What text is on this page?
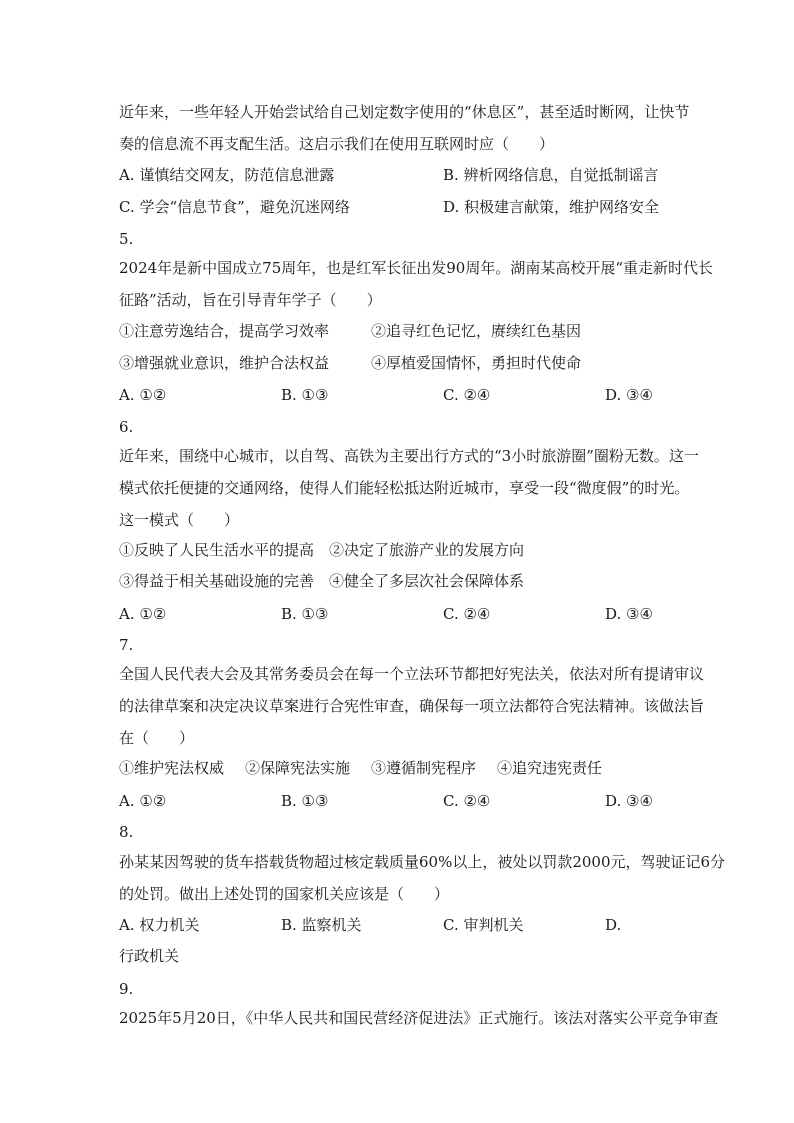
近年来，一些年轻人开始尝试给自己划定数字使用的“休息区”，甚至适时断网，让快节
奏的信息流不再支配生活。这启示我们在使用互联网时应（　　）
A. 谨慎结交网友，防范信息泄露	B. 辨析网络信息，自觉抵制谣言
C. 学会“信息节食”，避免沉迷网络	D. 积极建言献策，维护网络安全
5.
2024年是新中国成立75周年，也是红军长征出发90周年。湖南某高校开展“重走新时代长
征路”活动，旨在引导青年学子（　　）
①注意劳逸结合，提高学习效率	②追寻红色记忆，赓续红色基因
③增强就业意识，维护合法权益	④厚植爱国情怀，勇担时代使命
A. ①②	B. ①③	C. ②④	D. ③④
6.
近年来，围绕中心城市，以自驾、高铁为主要出行方式的“3小时旅游圈”圈粉无数。这一
模式依托便捷的交通网络，使得人们能轻松抵达附近城市，享受一段“微度假”的时光。
这一模式（　　）
①反映了人民生活水平的提高 ②决定了旅游产业的发展方向
③得益于相关基础设施的完善 ④健全了多层次社会保障体系
A. ①②	B. ①③	C. ②④	D. ③④
7.
全国人民代表大会及其常务委员会在每一个立法环节都把好宪法关，依法对所有提请审议
的法律草案和决定决议草案进行合宪性审查，确保每一项立法都符合宪法精神。该做法旨
在（　　）
①维护宪法权威 ②保障宪法实施 ③遵循制宪程序 ④追究违宪责任
A. ①②	B. ①③	C. ②④	D. ③④
8.
孙某某因驾驶的货车搭载货物超过核定载质量60%以上，被处以罚款2000元，驾驶证记6分
的处罚。做出上述处罚的国家机关应该是（　　）
A. 权力机关	B. 监察机关	C. 审判机关	D.
行政机关
9.
2025年5月20日，《中华人民共和国民营经济促进法》正式施行。该法对落实公平竞争审查
